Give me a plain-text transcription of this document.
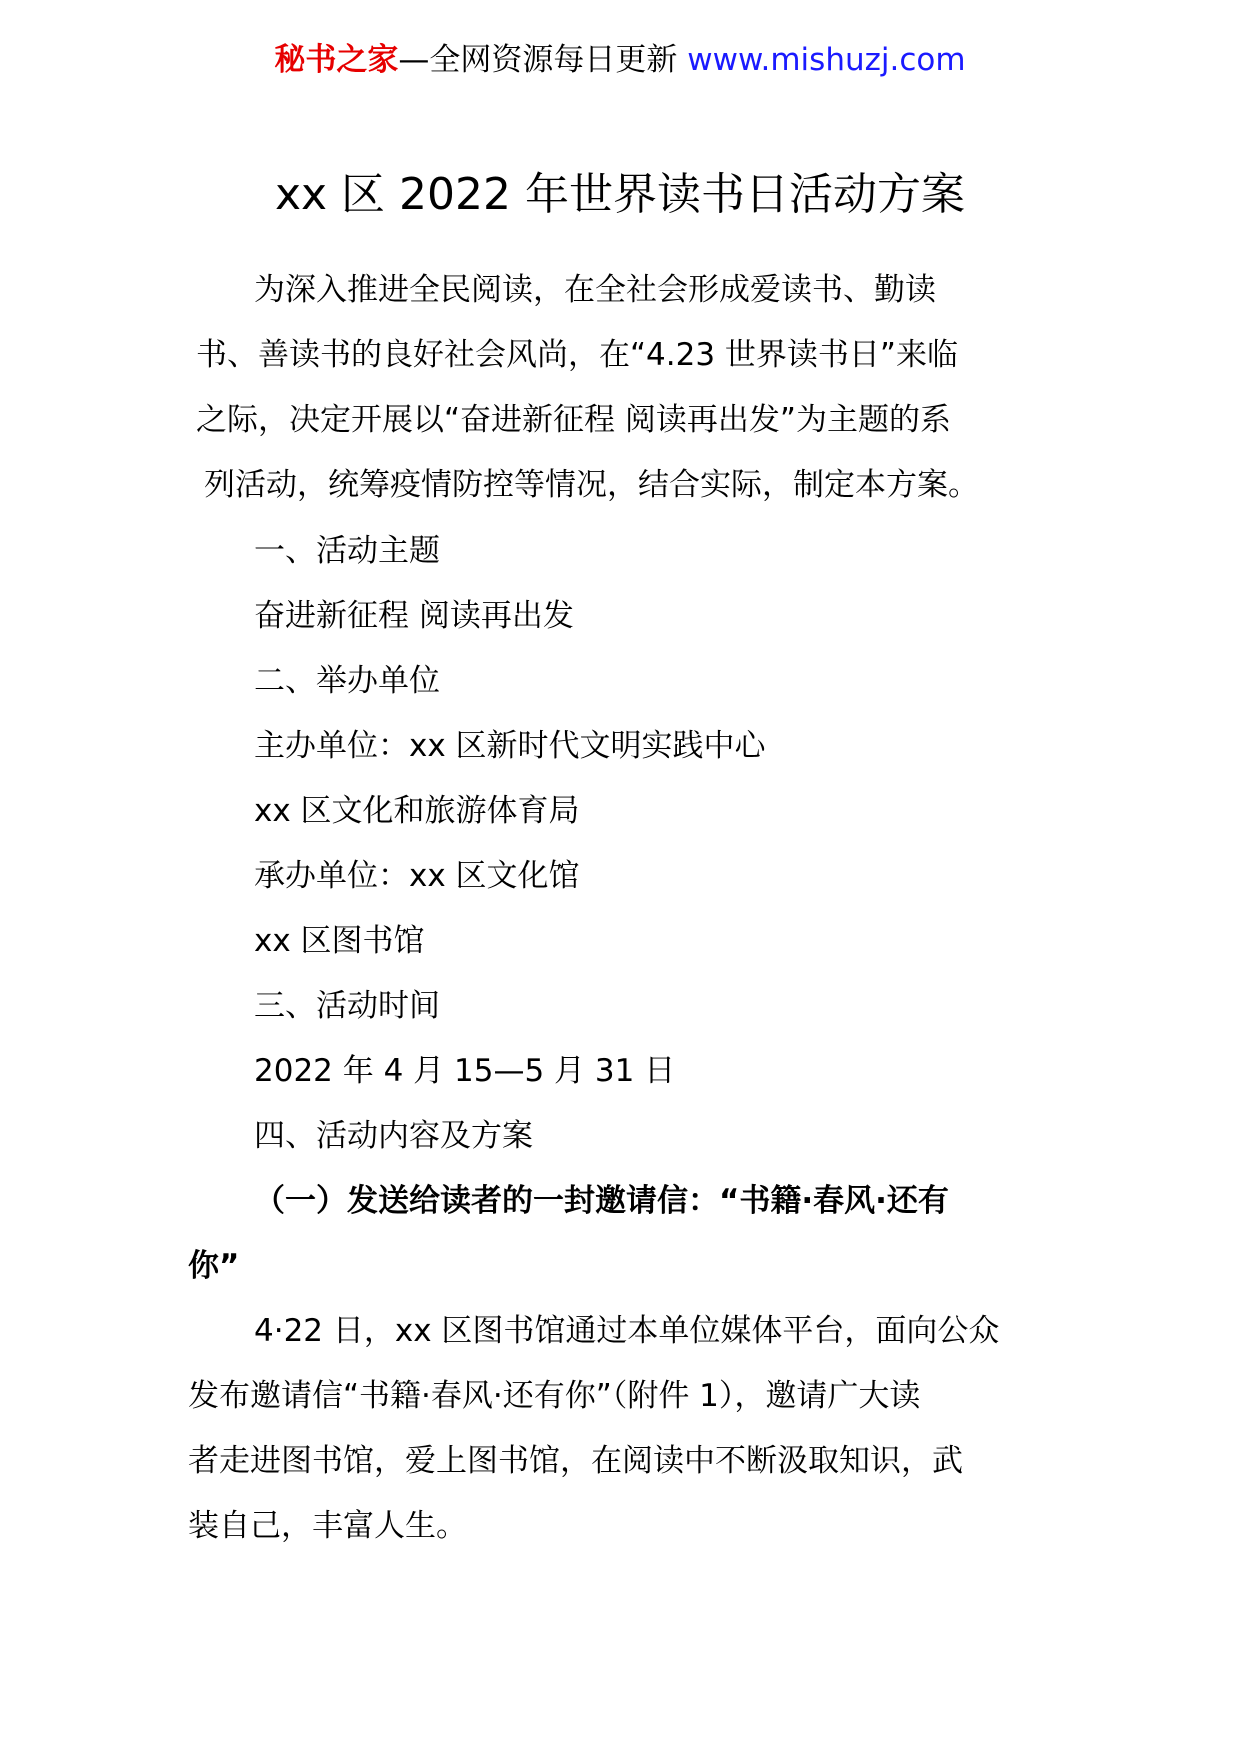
秘书之家—全网资源每日更新 www.mishuzj.com
xx 区 2022 年世界读书日活动方案
为深入推进全民阅读，在全社会形成爱读书、勤读
书、善读书的良好社会风尚，在“4.23 世界读书日”来临
之际，决定开展以“奋进新征程 阅读再出发”为主题的系
列活动，统筹疫情防控等情况，结合实际，制定本方案。
一、活动主题
奋进新征程 阅读再出发
二、举办单位
主办单位：xx 区新时代文明实践中心
xx 区文化和旅游体育局
承办单位：xx 区文化馆
xx 区图书馆
三、活动时间
2022 年 4 月 15—5 月 31 日
四、活动内容及方案
（一）发送给读者的一封邀请信：“书籍·春风·还有
你”
4·22 日，xx 区图书馆通过本单位媒体平台，面向公众
发布邀请信“书籍·春风·还有你”（附件 1），邀请广大读
者走进图书馆，爱上图书馆，在阅读中不断汲取知识，武
装自己，丰富人生。
